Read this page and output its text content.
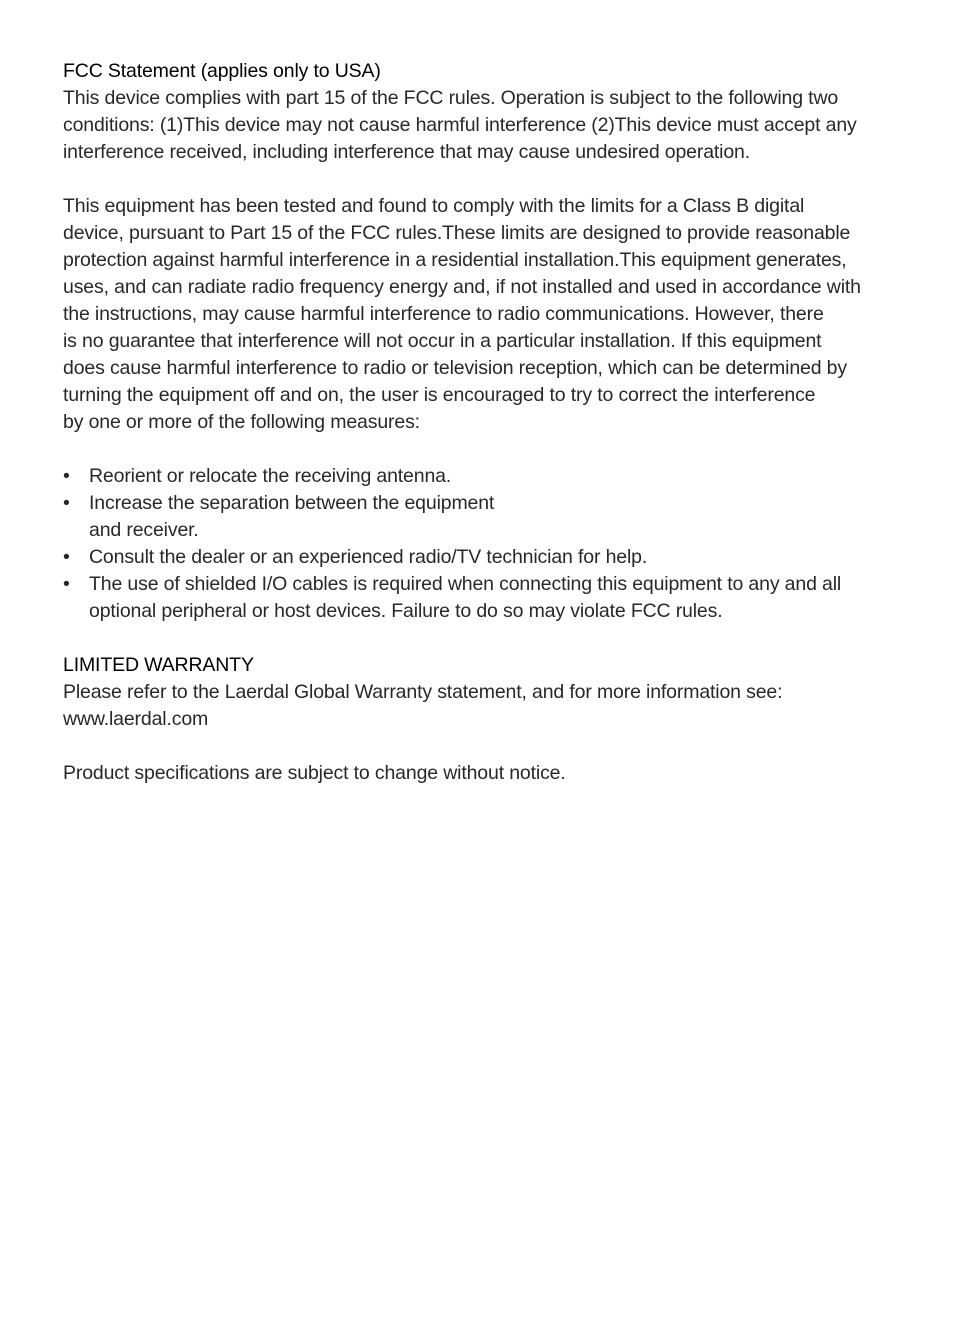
FCC Statement (applies only to USA)
This device complies with part 15 of the FCC rules. Operation is subject to the following two
conditions: (1)This device may not cause harmful interference (2)This device must accept any
interference received, including interference that may cause undesired operation.
This equipment has been tested and found to comply with the limits for a Class B digital
device, pursuant to Part 15 of the FCC rules.These limits are designed to provide reasonable
protection against harmful interference in a residential installation.This equipment generates,
uses, and can radiate radio frequency energy and, if not installed and used in accordance with
the instructions, may cause harmful interference to radio communications. However, there
is no guarantee that interference will not occur in a particular installation. If this equipment
does cause harmful interference to radio or television reception, which can be determined by
turning the equipment off and on, the user is encouraged to try to correct the interference
by one or more of the following measures:
• Reorient or relocate the receiving antenna.
• Increase the separation between the equipment
and receiver.
• Consult the dealer or an experienced radio/TV technician for help.
• The use of shielded I/O cables is required when connecting this equipment to any and all
optional peripheral or host devices. Failure to do so may violate FCC rules.
LIMITED WARRANTY
Please refer to the Laerdal Global Warranty statement, and for more information see:
www.laerdal.com
Product specifications are subject to change without notice.
